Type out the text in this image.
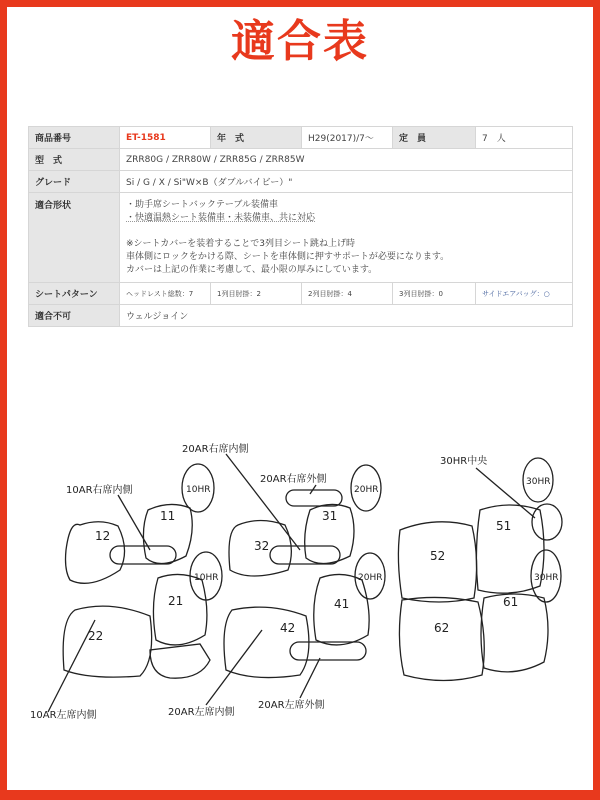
適合表
商品番号	ET-1581	年　式	H29(2017)/7〜	定　員	7　人
型　式	ZRR80G / ZRR80W / ZRR85G / ZRR85W				
グレード	Si / G / X / Si"W×B（ダブルバイビー）"				
適合形状	・助手席シートバックテーブル装備車
・快適温熱シート装備車・未装備車、共に対応
※シートカバーを装着することで3列目シート跳ね上げ時
車体側にロックをかける際、シートを車体側に押すサポートが必要になります。
カバーは上記の作業に考慮して、最小限の厚みにしています。				

シートパターン	ヘッドレスト総数：7	1列目肘掛：2	2列目肘掛：4	3列目肘掛：0	サイドエアバッグ：○
適合不可	ウェルジョイン				
10AR右席内側
10AR左席内側
20AR右席内側
20AR右席外側
20AR左席内側
20AR左席外側
30HR中央
10HR
10HR
20HR
20HR
30HR
30HR
11
12
21
22
31
32
41
42
51
52
61
62
